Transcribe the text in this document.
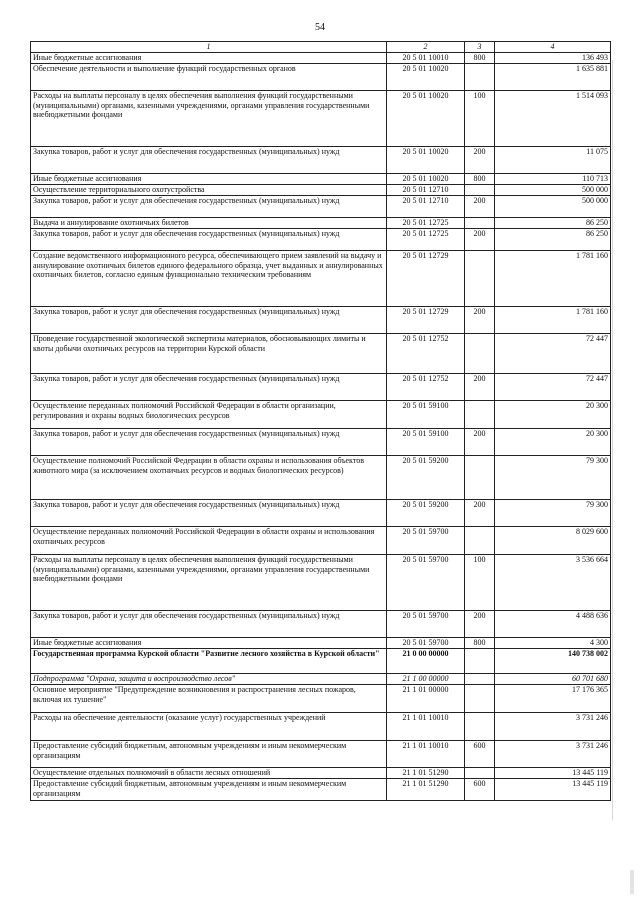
54
1	2	3	4
Иные бюджетные ассигнования	20 5 01 10010	800	136 493
Обеспечение деятельности и выполнение функций государственных органов	20 5 01 10020		1 635 881
Расходы на выплаты персоналу в целях обеспечения выполнения функций государственными (муниципальными) органами, казенными учреждениями, органами управления государственными внебюджетными фондами	20 5 01 10020	100	1 514 093
Закупка товаров, работ и услуг для обеспечения государственных (муниципальных) нужд	20 5 01 10020	200	11 075
Иные бюджетные ассигнования	20 5 01 10020	800	110 713
Осуществление территориального охотустройства	20 5 01 12710		500 000
Закупка товаров, работ и услуг для обеспечения государственных (муниципальных) нужд	20 5 01 12710	200	500 000
Выдача и аннулирование охотничьих билетов	20 5 01 12725		86 250
Закупка товаров, работ и услуг для обеспечения государственных (муниципальных) нужд	20 5 01 12725	200	86 250
Создание ведомственного информационного ресурса, обеспечивающего прием заявлений на выдачу и аннулирование охотничьих билетов единого федерального образца, учет выданных и аннулированных охотничьих билетов, согласно единым функционально техническим требованиям	20 5 01 12729		1 781 160
Закупка товаров, работ и услуг для обеспечения государственных (муниципальных) нужд	20 5 01 12729	200	1 781 160
Проведение государственной экологической экспертизы материалов, обосновывающих лимиты и квоты добычи охотничьих ресурсов на территории Курской области	20 5 01 12752		72 447
Закупка товаров, работ и услуг для обеспечения государственных (муниципальных) нужд	20 5 01 12752	200	72 447
Осуществление переданных полномочий Российской Федерации в области организации, регулирования и охраны водных биологических ресурсов	20 5 01 59100		20 300
Закупка товаров, работ и услуг для обеспечения государственных (муниципальных) нужд	20 5 01 59100	200	20 300
Осуществление полномочий Российской Федерации в области охраны и использования объектов животного мира (за исключением охотничьих ресурсов и водных биологических ресурсов)	20 5 01 59200		79 300
Закупка товаров, работ и услуг для обеспечения государственных (муниципальных) нужд	20 5 01 59200	200	79 300
Осуществление переданных полномочий Российской Федерации в области охраны и использования охотничьих ресурсов	20 5 01 59700		8 029 600
Расходы на выплаты персоналу в целях обеспечения выполнения функций государственными (муниципальными) органами, казенными учреждениями, органами управления государственными внебюджетными фондами	20 5 01 59700	100	3 536 664
Закупка товаров, работ и услуг для обеспечения государственных (муниципальных) нужд	20 5 01 59700	200	4 488 636
Иные бюджетные ассигнования	20 5 01 59700	800	4 300
Государственная программа Курской области "Развитие лесного хозяйства в Курской области"	21 0 00 00000		140 738 002
Подпрограмма "Охрана, защита и воспроизводство лесов"	21 1 00 00000		60 701 680
Основное мероприятие "Предупреждение возникновения и распространения лесных пожаров, включая их тушение"	21 1 01 00000		17 176 365
Расходы на обеспечение деятельности (оказание услуг) государственных учреждений	21 1 01 10010		3 731 246
Предоставление субсидий бюджетным, автономным учреждениям и иным некоммерческим организациям	21 1 01 10010	600	3 731 246
Осуществление отдельных полномочий в области лесных отношений	21 1 01 51290		13 445 119
Предоставление субсидий бюджетным, автономным учреждениям и иным некоммерческим организациям	21 1 01 51290	600	13 445 119
